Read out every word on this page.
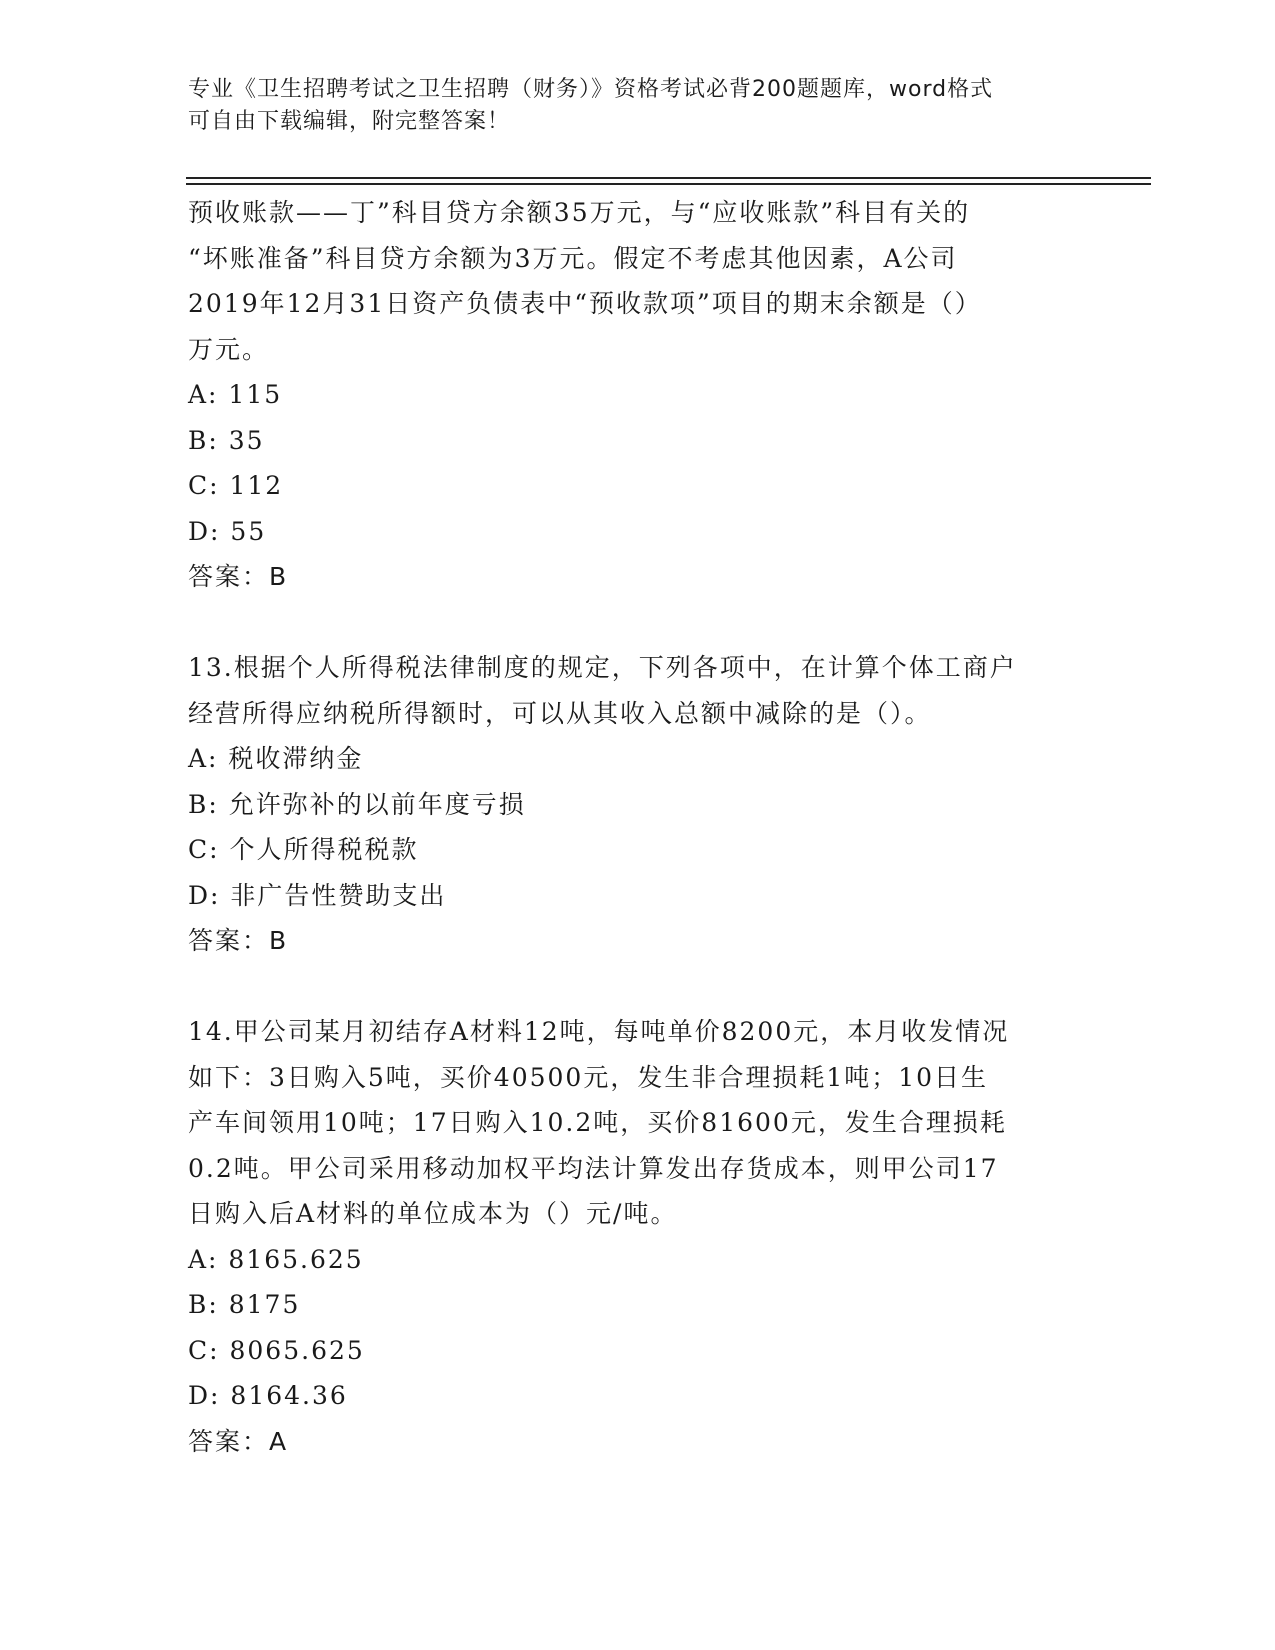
专业《卫生招聘考试之卫生招聘（财务）》资格考试必背200题题库，word格式
可自由下载编辑，附完整答案！
预收账款——丁”科目贷方余额35万元，与“应收账款”科目有关的
“坏账准备”科目贷方余额为3万元。假定不考虑其他因素，A公司
2019年12月31日资产负债表中“预收款项”项目的期末余额是（）
万元。
A: 115
B: 35
C: 112
D: 55
答案：B
13.根据个人所得税法律制度的规定，下列各项中，在计算个体工商户
经营所得应纳税所得额时，可以从其收入总额中减除的是（）。
A: 税收滞纳金
B: 允许弥补的以前年度亏损
C: 个人所得税税款
D: 非广告性赞助支出
答案：B
14.甲公司某月初结存A材料12吨，每吨单价8200元，本月收发情况
如下：3日购入5吨，买价40500元，发生非合理损耗1吨；10日生
产车间领用10吨；17日购入10.2吨，买价81600元，发生合理损耗
0.2吨。甲公司采用移动加权平均法计算发出存货成本，则甲公司17
日购入后A材料的单位成本为（）元/吨。
A: 8165.625
B: 8175
C: 8065.625
D: 8164.36
答案：A
